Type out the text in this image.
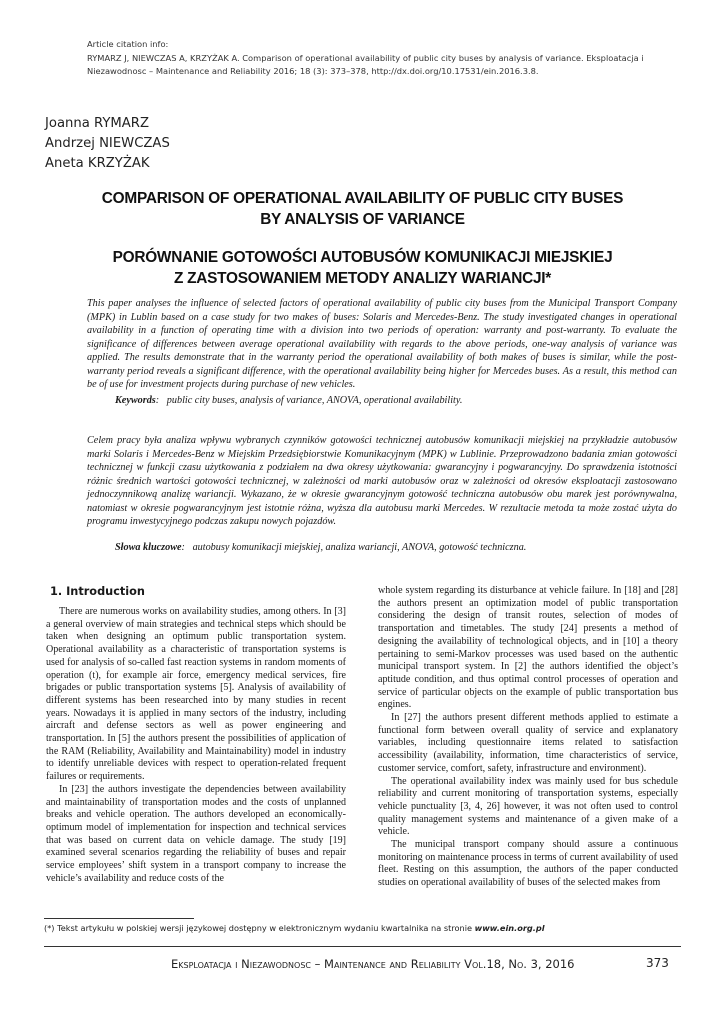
Article citation info:
RYMARZ J, NIEWCZAS A, KRZYŻAK A. Comparison of operational availability of public city buses by analysis of variance. Eksploatacja i
Niezawodnosc – Maintenance and Reliability 2016; 18 (3): 373–378, http://dx.doi.org/10.17531/ein.2016.3.8.
Joanna RYMARZ
Andrzej NIEWCZAS
Aneta KRZYŻAK
COMPARISON OF OPERATIONAL AVAILABILITY OF PUBLIC CITY BUSES
BY ANALYSIS OF VARIANCE
PORÓWNANIE GOTOWOŚCI AUTOBUSÓW KOMUNIKACJI MIEJSKIEJ
Z ZASTOSOWANIEM METODY ANALIZY WARIANCJI*

This paper analyses the influence of selected factors of operational availability of public city buses from the Municipal Transport Company (MPK) in Lublin based on a case study for two makes of buses: Solaris and Mercedes-Benz. The study investigated changes in operational availability in a function of operating time with a division into two periods of operation: warranty and post-warranty. To evaluate the significance of differences between average operational availability with regards to the above periods, one-way analysis of variance was applied. The results demonstrate that in the warranty period the operational availability of both makes of buses is similar, while the post-warranty period reveals a significant difference, with the operational availability being higher for Mercedes buses. As a result, this method can be of use for investment projects during purchase of new vehicles.

Keywords:   public city buses, analysis of variance, ANOVA, operational availability.

Celem pracy była analiza wpływu wybranych czynników gotowości technicznej autobusów komunikacji miejskiej na przykładzie autobusów marki Solaris i Mercedes-Benz w Miejskim Przedsiębiorstwie Komunikacyjnym (MPK) w Lublinie. Przeprowadzono badania zmian gotowości technicznej w funkcji czasu użytkowania z podziałem na dwa okresy użytkowania: gwarancyjny i pogwarancyjny. Do sprawdzenia istotności różnic średnich wartości gotowości technicznej, w zależności od marki autobusów oraz w zależności od okresów eksploatacji zastosowano jednoczynnikową analizę wariancji. Wykazano, że w okresie gwarancyjnym gotowość techniczna autobusów obu marek jest porównywalna, natomiast w okresie pogwarancyjnym jest istotnie różna, wyższa dla autobusu marki Mercedes. W rezultacie metoda ta może zostać użyta do programu inwestycyjnego podczas zakupu nowych pojazdów.

Słowa kluczowe:   autobusy komunikacji miejskiej, analiza wariancji, ANOVA, gotowość techniczna.
1. Introduction

There are numerous works on availability studies, among others. In [3] a general overview of main strategies and technical steps which should be taken when designing an optimum public transportation system. Operational availability as a characteristic of transportation systems is used for analysis of so-called fast reaction systems in random moments of operation (t), for example air force, emergency medical services, fire brigades or public transportation systems [5]. Analysis of availability of different systems has been researched into by many studies in recent years. Nowadays it is applied in many sectors of the industry, including aircraft and defense sectors as well as power engineering and transportation. In [5] the authors present the possibilities of application of the RAM (Reliability, Availability and Maintainability) model in industry to identify unreliable devices with respect to operation-related frequent failures or requirements.

In [23] the authors investigate the dependencies between availability and maintainability of transportation modes and the costs of unplanned breaks and vehicle operation. The authors developed an economically-optimum model of implementation for inspection and technical services that was based on current data on vehicle damage. The study [19] examined several scenarios regarding the reliability of buses and repair service employees’ shift system in a transport company to increase the vehicle’s availability and reduce costs of the

whole system regarding its disturbance at vehicle failure. In [18] and [28] the authors present an optimization model of public transportation considering the design of transit routes, selection of modes of transportation and timetables. The study [24] presents a method of designing the availability of technological objects, and in [10] a theory pertaining to semi-Markov processes was used based on the authentic municipal transport system. In [2] the authors identified the object’s aptitude condition, and thus optimal control processes of operation and service of particular objects on the example of public transportation bus engines.

In [27] the authors present different methods applied to estimate a functional form between overall quality of service and explanatory variables, including questionnaire items related to satisfaction accessibility (availability, information, time characteristics of service, customer service, comfort, safety, infrastructure and environment).

The operational availability index was mainly used for bus schedule reliability and current monitoring of transportation systems, especially vehicle punctuality [3, 4, 26] however, it was not often used to control quality management systems and maintenance of a given make of a vehicle.

The municipal transport company should assure a continuous monitoring on maintenance process in terms of current availability of used fleet. Resting on this assumption, the authors of the paper conducted studies on operational availability of buses of the selected makes from

(*) Tekst artykułu w polskiej wersji językowej dostępny w elektronicznym wydaniu kwartalnika na stronie www.ein.org.pl
Eksploatacja i Niezawodnosc – Maintenance and Reliability Vol.18, No. 3, 2016	373
